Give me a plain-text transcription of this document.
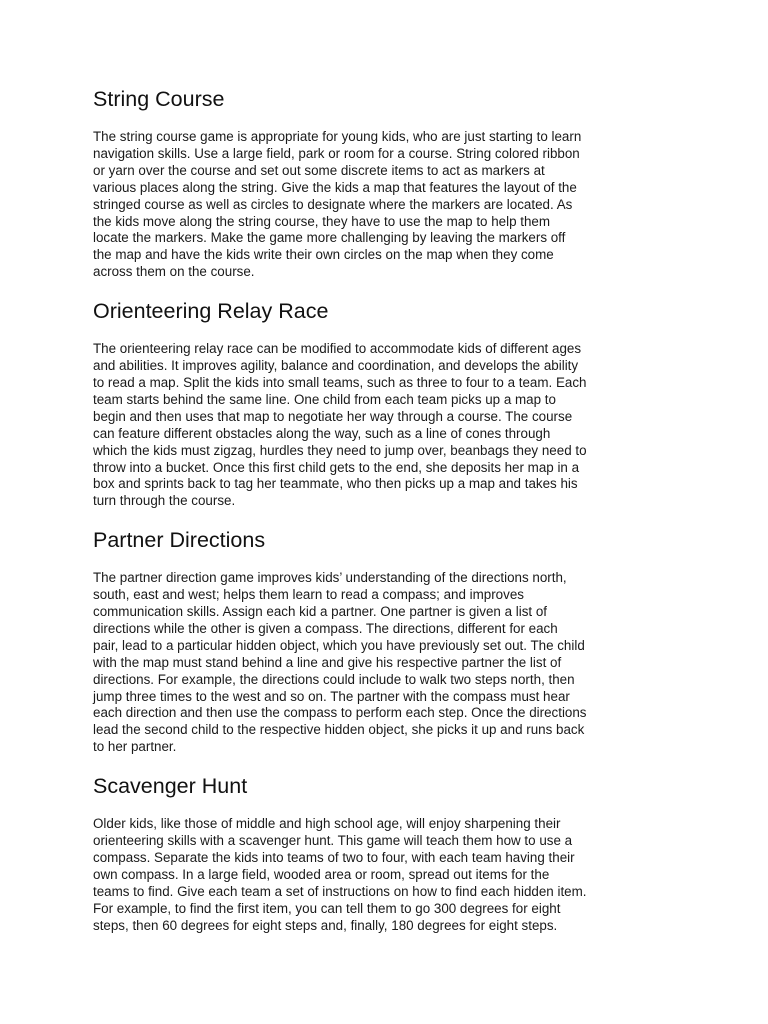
String Course

The string course game is appropriate for young kids, who are just starting to learn
navigation skills. Use a large field, park or room for a course. String colored ribbon
or yarn over the course and set out some discrete items to act as markers at
various places along the string. Give the kids a map that features the layout of the
stringed course as well as circles to designate where the markers are located. As
the kids move along the string course, they have to use the map to help them
locate the markers. Make the game more challenging by leaving the markers off
the map and have the kids write their own circles on the map when they come
across them on the course.

Orienteering Relay Race

The orienteering relay race can be modified to accommodate kids of different ages
and abilities. It improves agility, balance and coordination, and develops the ability
to read a map. Split the kids into small teams, such as three to four to a team. Each
team starts behind the same line. One child from each team picks up a map to
begin and then uses that map to negotiate her way through a course. The course
can feature different obstacles along the way, such as a line of cones through
which the kids must zigzag, hurdles they need to jump over, beanbags they need to
throw into a bucket. Once this first child gets to the end, she deposits her map in a
box and sprints back to tag her teammate, who then picks up a map and takes his
turn through the course.

Partner Directions

The partner direction game improves kids’ understanding of the directions north,
south, east and west; helps them learn to read a compass; and improves
communication skills. Assign each kid a partner. One partner is given a list of
directions while the other is given a compass. The directions, different for each
pair, lead to a particular hidden object, which you have previously set out. The child
with the map must stand behind a line and give his respective partner the list of
directions. For example, the directions could include to walk two steps north, then
jump three times to the west and so on. The partner with the compass must hear
each direction and then use the compass to perform each step. Once the directions
lead the second child to the respective hidden object, she picks it up and runs back
to her partner.

Scavenger Hunt

Older kids, like those of middle and high school age, will enjoy sharpening their
orienteering skills with a scavenger hunt. This game will teach them how to use a
compass. Separate the kids into teams of two to four, with each team having their
own compass. In a large field, wooded area or room, spread out items for the
teams to find. Give each team a set of instructions on how to find each hidden item.
For example, to find the first item, you can tell them to go 300 degrees for eight
steps, then 60 degrees for eight steps and, finally, 180 degrees for eight steps.
